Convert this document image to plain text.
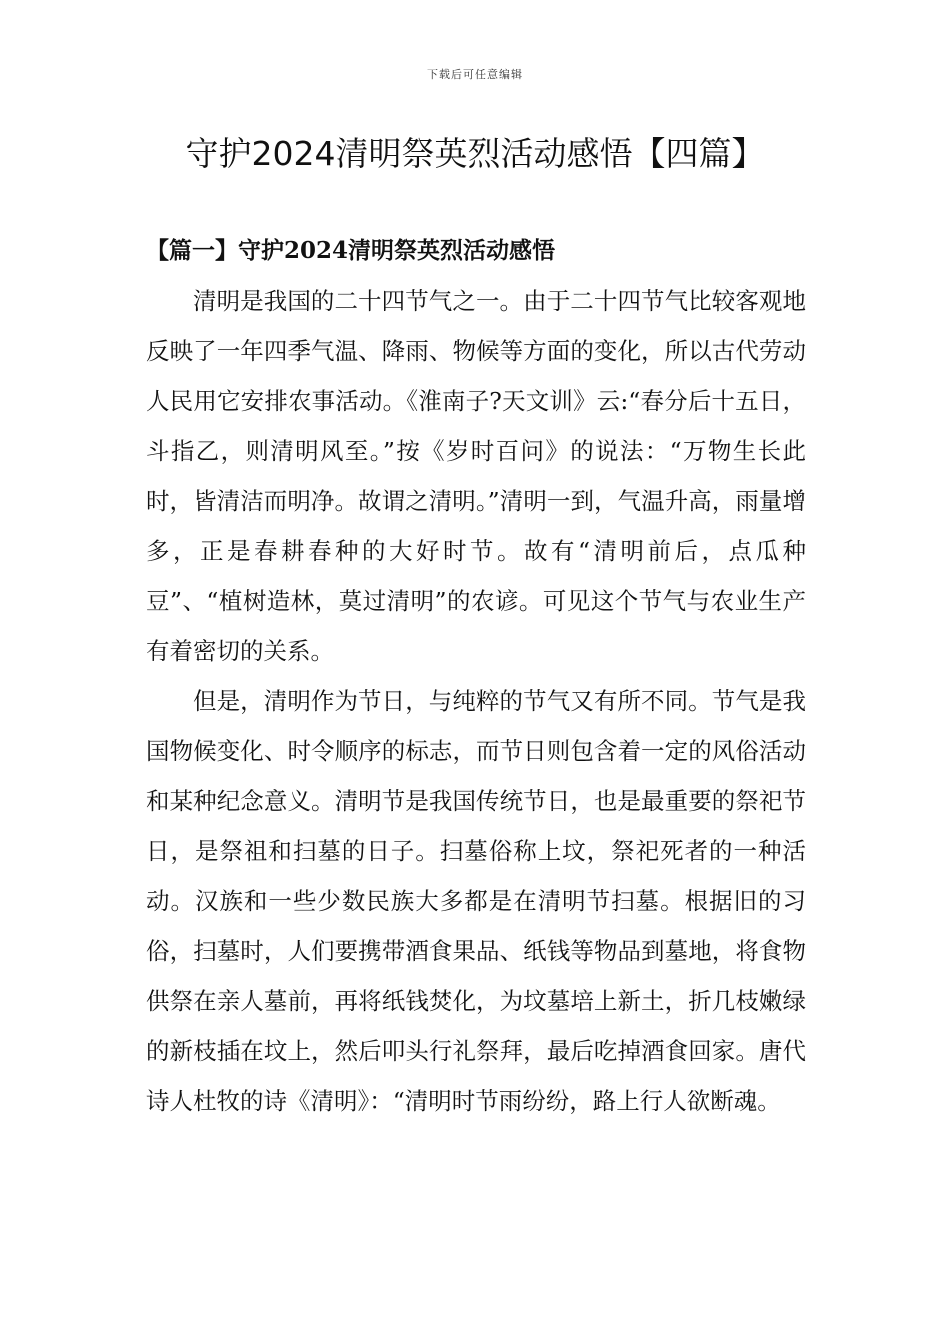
下载后可任意编辑
守护2024清明祭英烈活动感悟【四篇】
【篇一】守护2024清明祭英烈活动感悟

清明是我国的二十四节气之一。由于二十四节气比较客观地反映了一年四季气温、降雨、物候等方面的变化，所以古代劳动人民用它安排农事活动。《淮南子?天文训》云:“春分后十五日，斗指乙，则清明风至。”按《岁时百问》的说法：“万物生长此时，皆清洁而明净。故谓之清明。”清明一到，气温升高，雨量增多，正是春耕春种的大好时节。故有“清明前后，点瓜种豆”、“植树造林，莫过清明”的农谚。可见这个节气与农业生产有着密切的关系。

但是，清明作为节日，与纯粹的节气又有所不同。节气是我国物候变化、时令顺序的标志，而节日则包含着一定的风俗活动和某种纪念意义。清明节是我国传统节日，也是最重要的祭祀节日，是祭祖和扫墓的日子。扫墓俗称上坟，祭祀死者的一种活动。汉族和一些少数民族大多都是在清明节扫墓。根据旧的习俗，扫墓时，人们要携带酒食果品、纸钱等物品到墓地，将食物供祭在亲人墓前，再将纸钱焚化，为坟墓培上新土，折几枝嫩绿的新枝插在坟上，然后叩头行礼祭拜，最后吃掉酒食回家。唐代诗人杜牧的诗《清明》：“清明时节雨纷纷，路上行人欲断魂。
